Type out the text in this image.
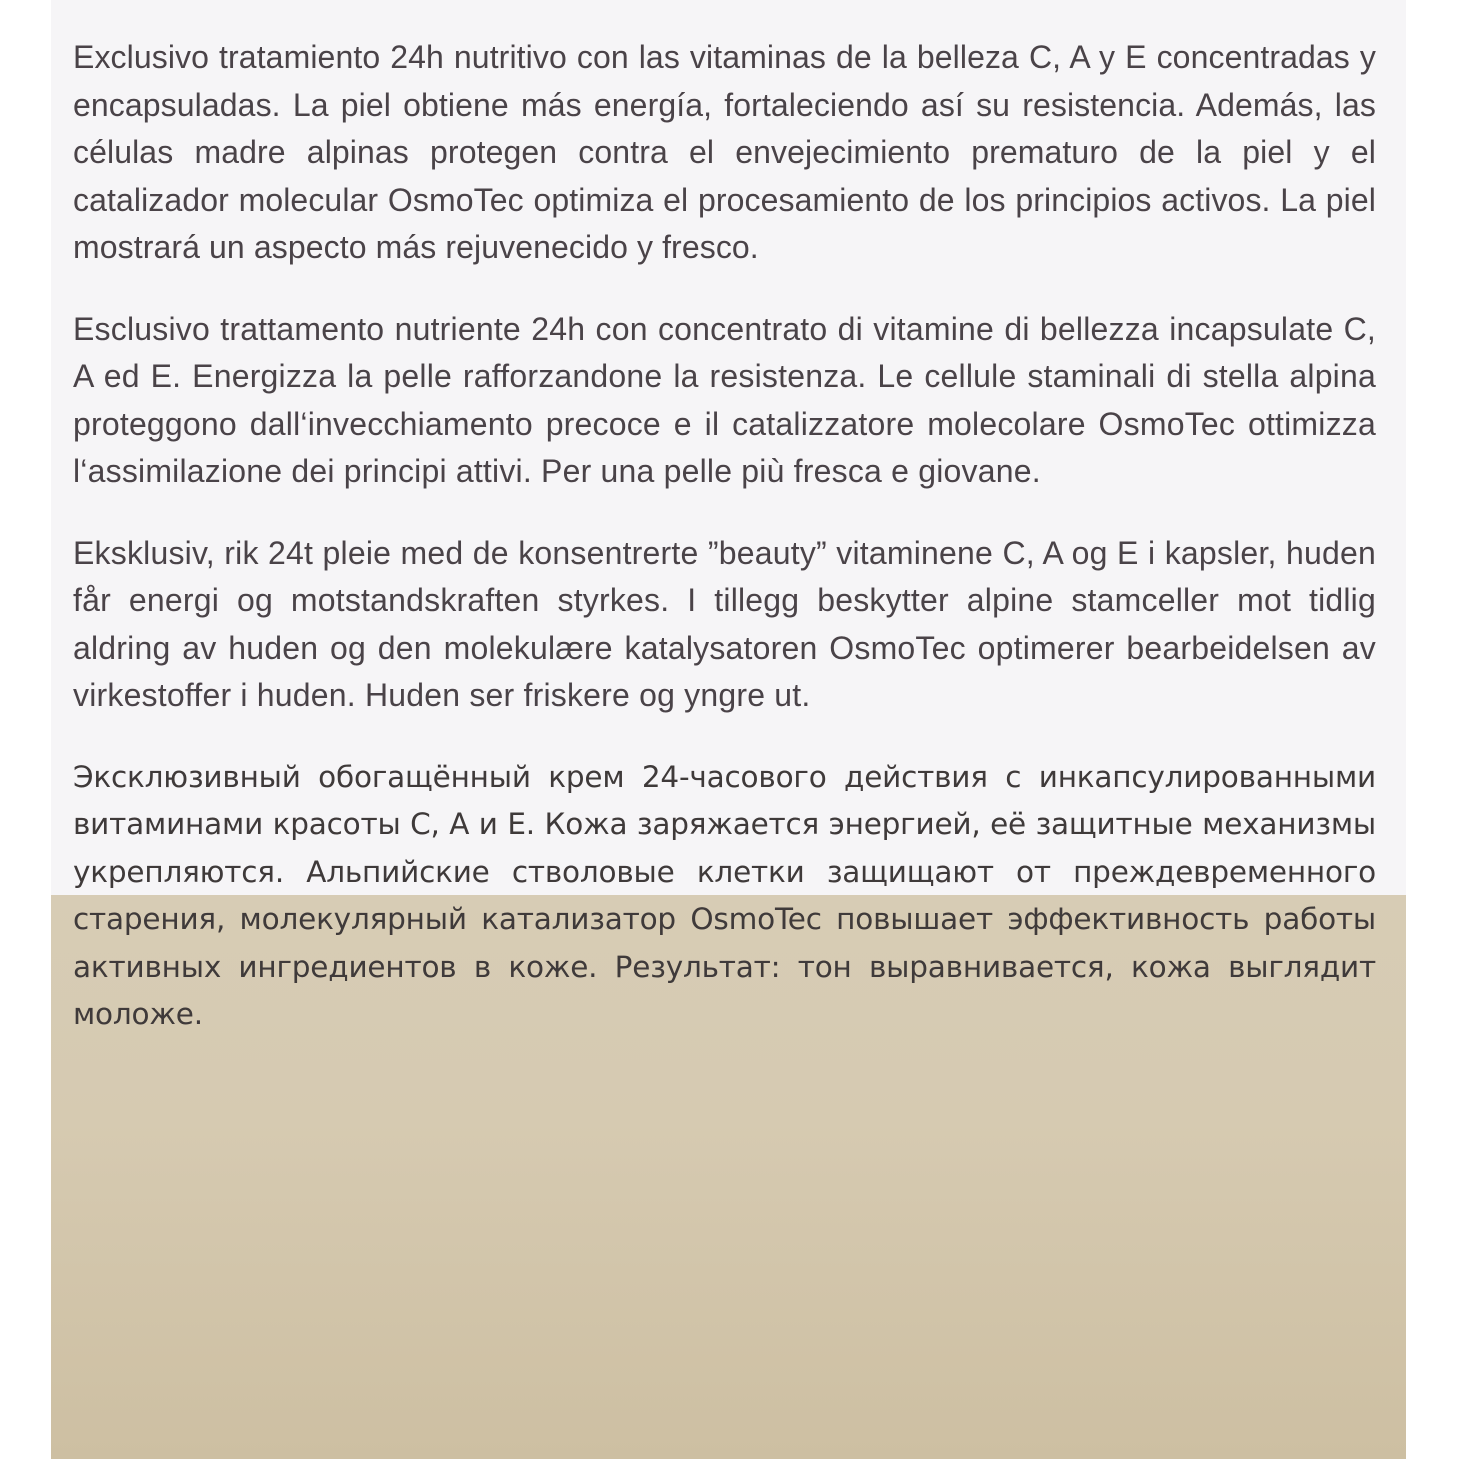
Exclusivo tratamiento 24h nutritivo con las vitaminas de la belleza C, A y E concentradas y encapsuladas. La piel obtiene más energía, fortaleciendo así su resistencia. Además, las células madre alpinas protegen contra el envejecimiento prematuro de la piel y el catalizador molecular OsmoTec optimiza el procesamiento de los principios activos. La piel mostrará un aspecto más rejuvenecido y fresco.

Esclusivo trattamento nutriente 24h con concentrato di vitamine di bellezza incapsulate C, A ed E. Energizza la pelle rafforzandone la resistenza. Le cellule staminali di stella alpina proteggono dall‘invecchiamento precoce e il catalizzatore molecolare OsmoTec ottimizza l‘assimilazione dei principi attivi. Per una pelle più fresca e giovane.

Eksklusiv, rik 24t pleie med de konsentrerte ”beauty” vitaminene C, A og E i kapsler, huden får energi og motstandskraften styrkes. I tillegg beskytter alpine stamceller mot tidlig aldring av huden og den molekulære katalysatoren OsmoTec optimerer bearbeidelsen av virkestoffer i huden. Huden ser friskere og yngre ut.

Эксклюзивный обогащённый крем 24-часового действия с инкапсулированными витаминами красоты C, A и E. Кожа заряжается энергией, её защитные механизмы укрепляются. Альпийские стволовые клетки защищают от преждевременного старения, молекулярный катализатор OsmoTec повышает эффективность работы активных ингредиентов в коже. Результат: тон выравнивается, кожа выглядит моложе.
